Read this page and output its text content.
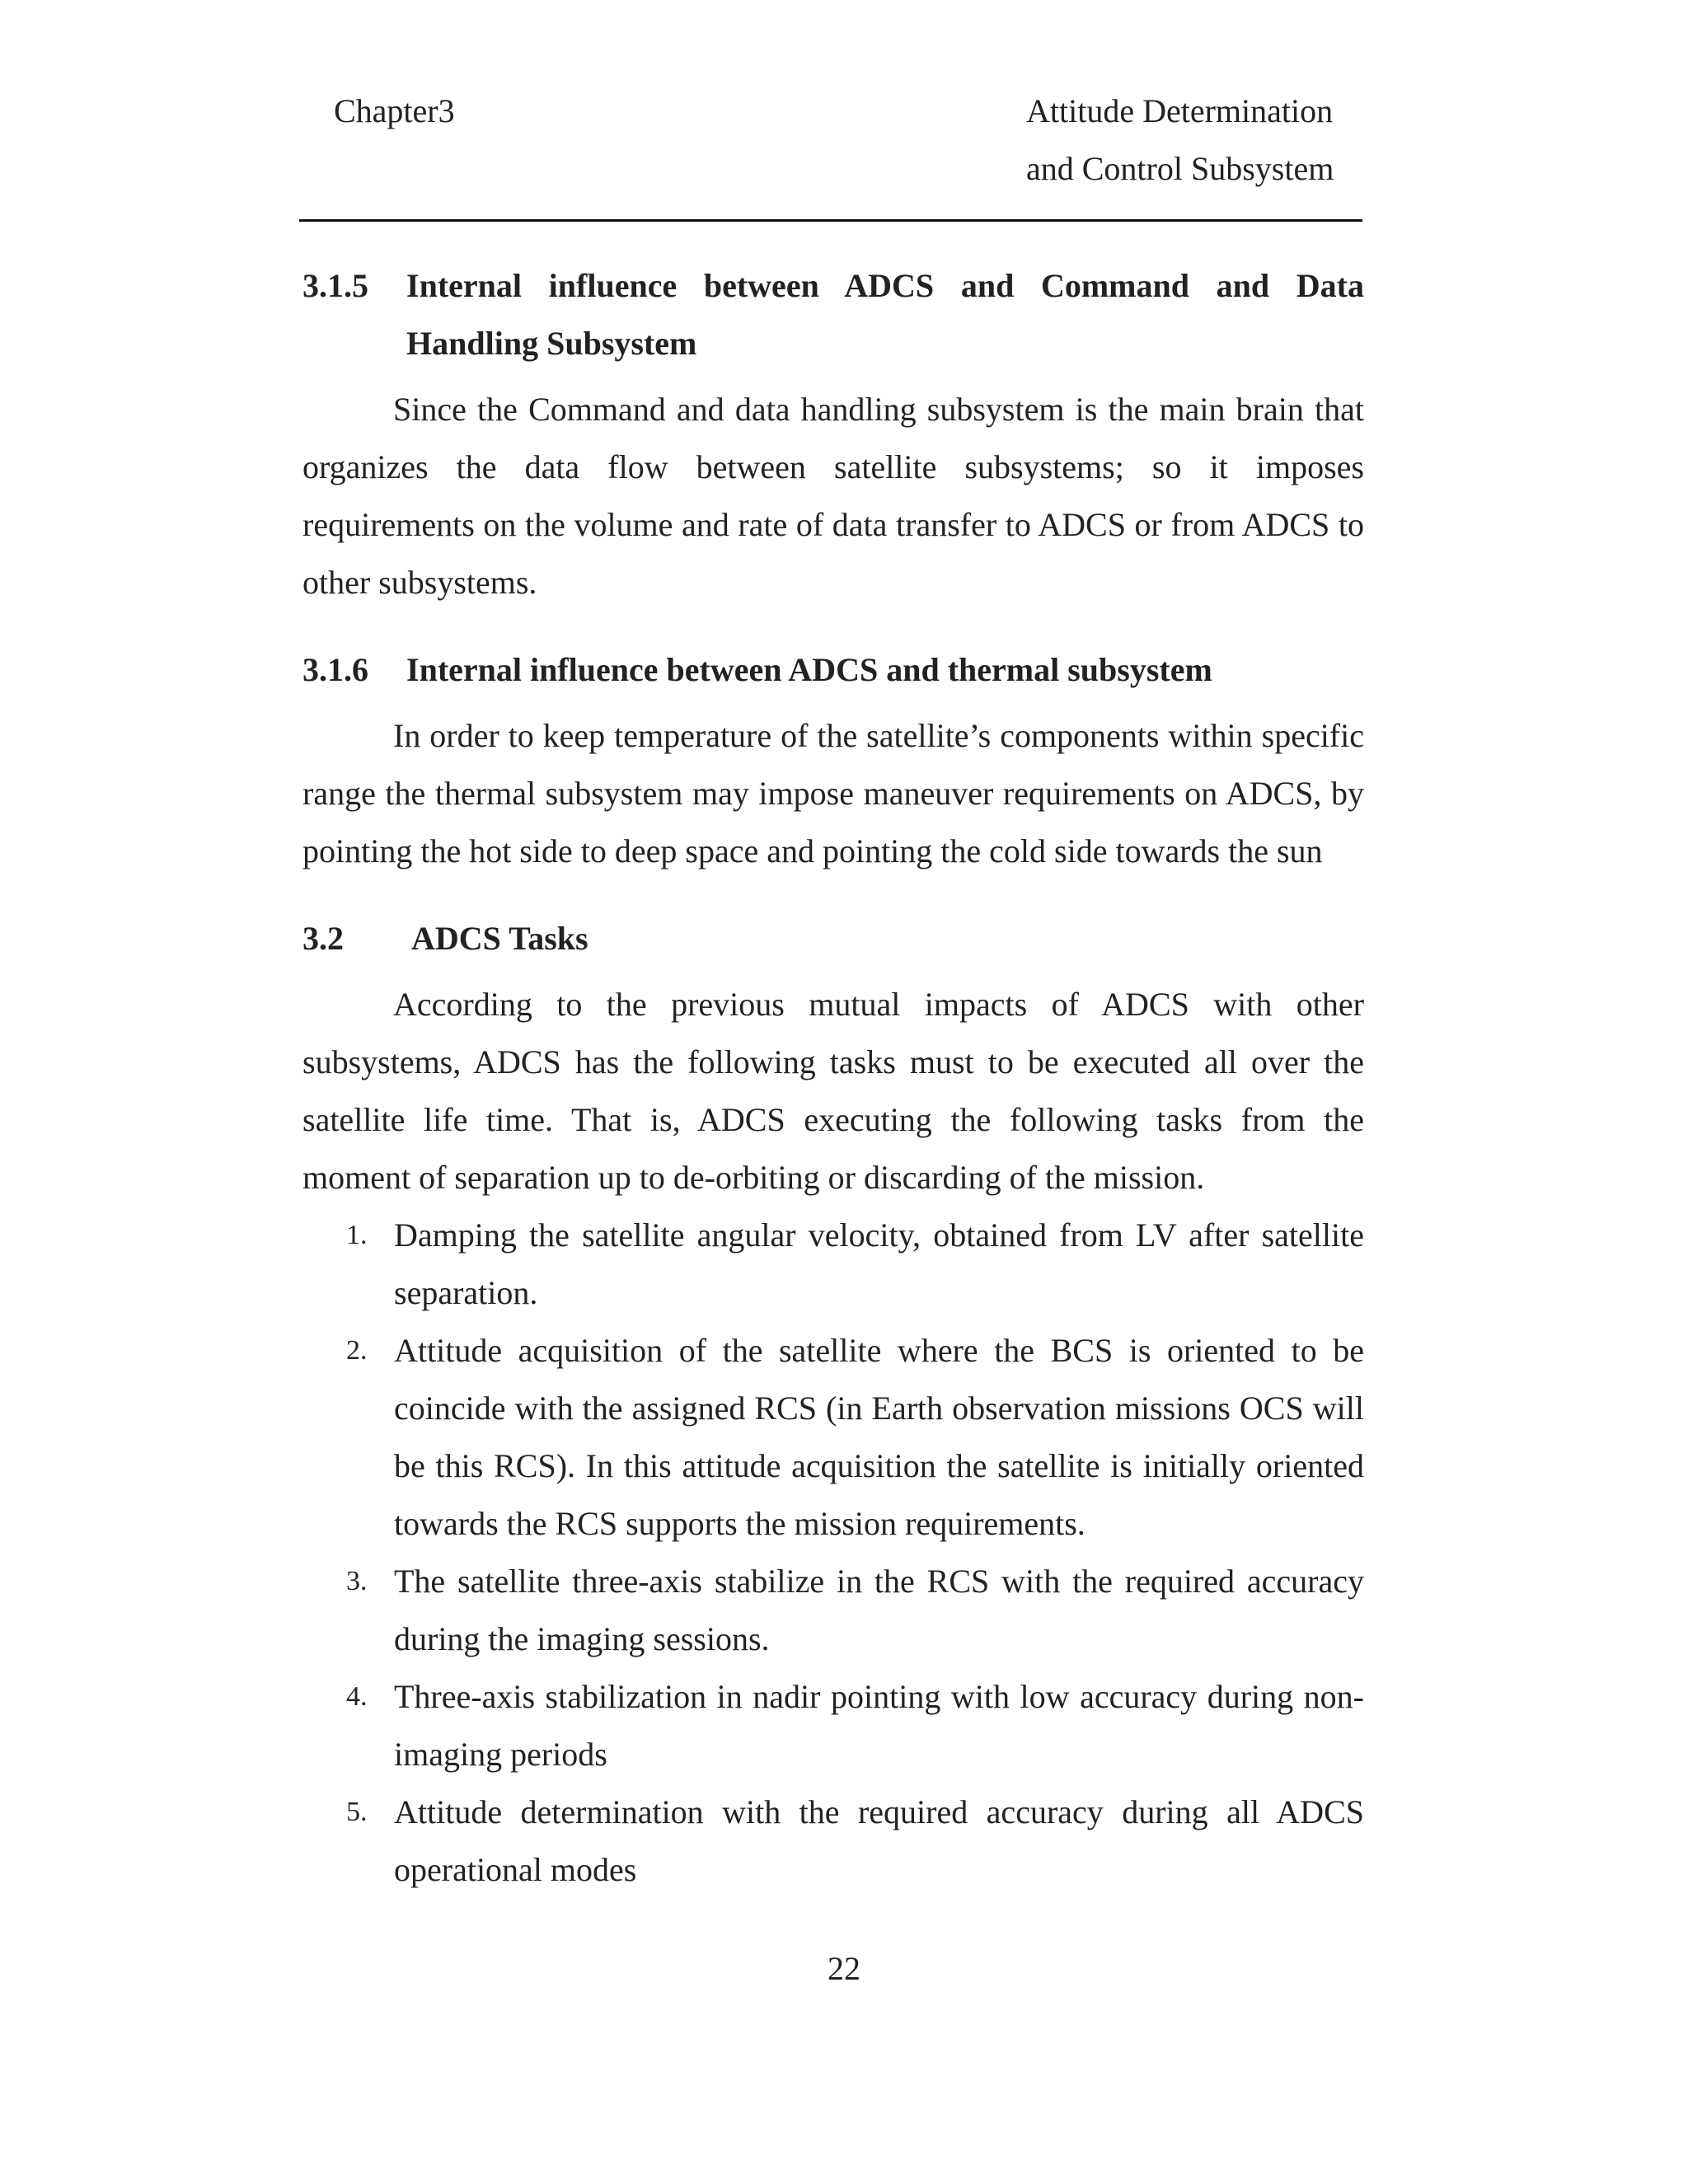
Chapter3	Attitude Determination
and Control Subsystem
3.1.5	Internal influence between ADCS and Command and Data Handling Subsystem

Since the Command and data handling subsystem is the main brain that organizes the data flow between satellite subsystems; so it imposes requirements on the volume and rate of data transfer to ADCS or from ADCS to other subsystems.

3.1.6	Internal influence between ADCS and thermal subsystem

In order to keep temperature of the satellite’s components within specific range the thermal subsystem may impose maneuver requirements on ADCS, by pointing the hot side to deep space and pointing the cold side towards the sun

3.2	ADCS Tasks

According to the previous mutual impacts of ADCS with other subsystems, ADCS has the following tasks must to be executed all over the satellite life time. That is, ADCS executing the following tasks from the moment of separation up to de-orbiting or discarding of the mission.

1. Damping the satellite angular velocity, obtained from LV after satellite separation.
2. Attitude acquisition of the satellite where the BCS is oriented to be coincide with the assigned RCS (in Earth observation missions OCS will be this RCS). In this attitude acquisition the satellite is initially oriented towards the RCS supports the mission requirements.
3. The satellite three-axis stabilize in the RCS with the required accuracy during the imaging sessions.
4. Three-axis stabilization in nadir pointing with low accuracy during non-imaging periods
5. Attitude determination with the required accuracy during all ADCS operational modes
22
